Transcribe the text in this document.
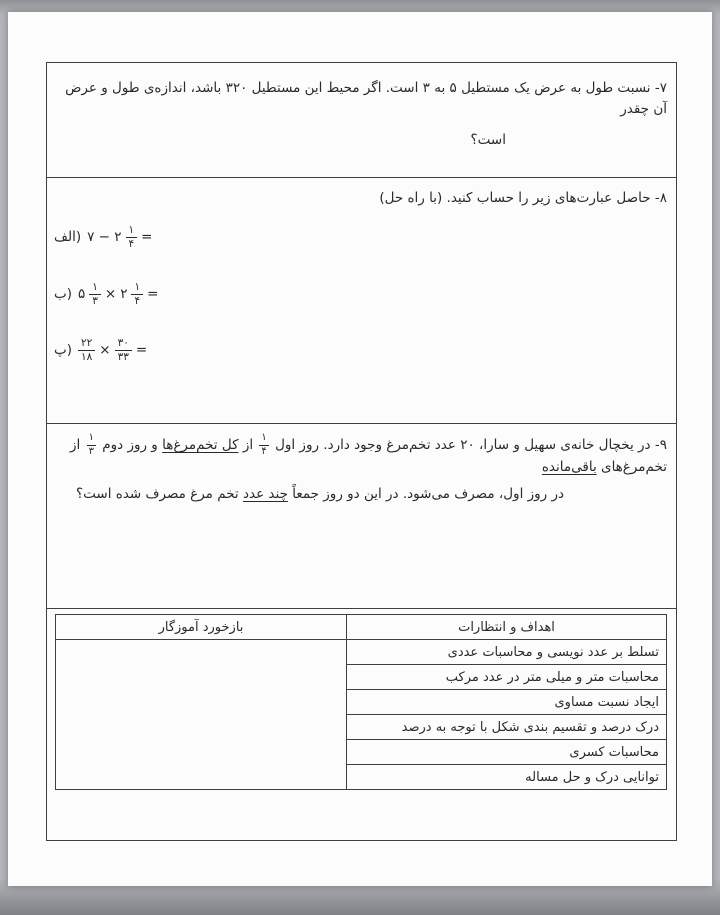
۷- نسبت طول به عرض یک مستطیل ۵ به ۳ است. اگر محیط این مستطیل ۳۲۰ باشد، اندازه‌ی طول و عرض آن چقدر
است؟
۸- حاصل عبارت‌های زیر را حساب کنید. (با راه حل)
الف) ۷ − ۲ $\frac{۱}{۴}$ =
ب) ۵ $\frac{۱}{۳}$ × ۲ $\frac{۱}{۴}$ =
پ) $\frac{۲۲}{۱۸} \times \frac{۳۰}{۳۳}$ =
۹- در یخچال خانه‌ی سهیل و سارا، ۲۰ عدد تخم‌مرغ وجود دارد. روز اول
$\frac{۱}{۴}$
از کل تخم‌مرغ‌ها و روز دوم
$\frac{۱}{۳}$
از تخم‌مرغ‌های باقی‌مانده
در روز اول، مصرف می‌شود. در این دو روز جمعاً چند عدد تخم مرغ مصرف شده است؟
اهداف و انتظارات	بازخورد آموزگار
تسلط بر عدد نویسی و محاسبات عددی	
محاسبات متر و میلی متر در عدد مرکب	
ایجاد نسبت مساوی	
درک درصد و تقسیم بندی شکل با توجه به درصد	
محاسبات کسری	
توانایی درک و حل مساله	
